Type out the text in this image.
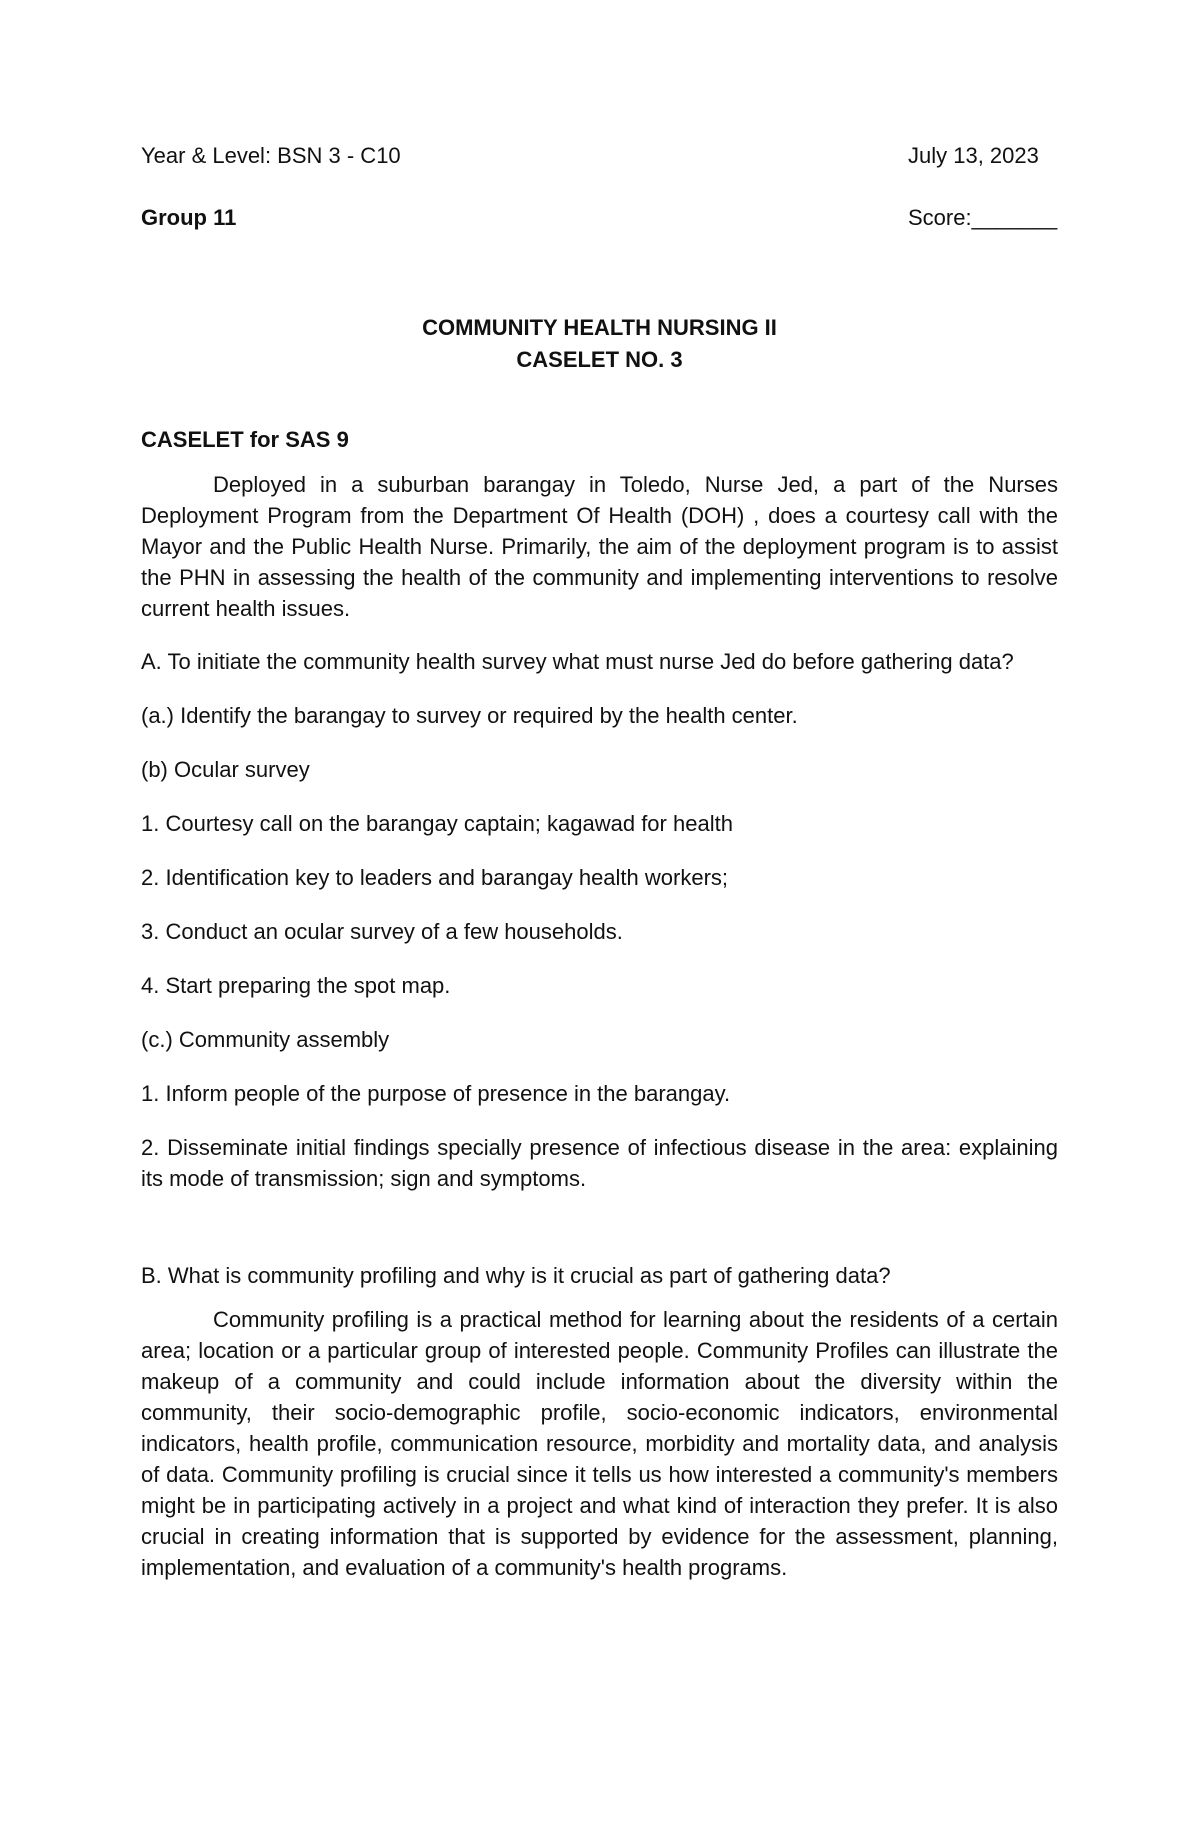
Year & Level: BSN 3 - C10	July 13, 2023
Group 11	Score:_______
COMMUNITY HEALTH NURSING II
CASELET NO. 3
CASELET for SAS 9

Deployed in a suburban barangay in Toledo, Nurse Jed, a part of the Nurses Deployment Program from the Department Of Health (DOH) , does a courtesy call with the Mayor and the Public Health Nurse. Primarily, the aim of the deployment program is to assist the PHN in assessing the health of the community and implementing interventions to resolve current health issues.

A. To initiate the community health survey what must nurse Jed do before gathering data?

(a.) Identify the barangay to survey or required by the health center.

(b) Ocular survey

1. Courtesy call on the barangay captain; kagawad for health

2. Identification key to leaders and barangay health workers;

3. Conduct an ocular survey of a few households.

4. Start preparing the spot map.

(c.) Community assembly

1. Inform people of the purpose of presence in the barangay.

2. Disseminate initial findings specially presence of infectious disease in the area: explaining its mode of transmission; sign and symptoms.

B. What is community profiling and why is it crucial as part of gathering data?

Community profiling is a practical method for learning about the residents of a certain area; location or a particular group of interested people. Community Profiles can illustrate the makeup of a community and could include information about the diversity within the community, their socio-demographic profile, socio-economic indicators, environmental indicators, health profile, communication resource, morbidity and mortality data, and analysis of data. Community profiling is crucial since it tells us how interested a community's members might be in participating actively in a project and what kind of interaction they prefer. It is also crucial in creating information that is supported by evidence for the assessment, planning, implementation, and evaluation of a community's health programs.
